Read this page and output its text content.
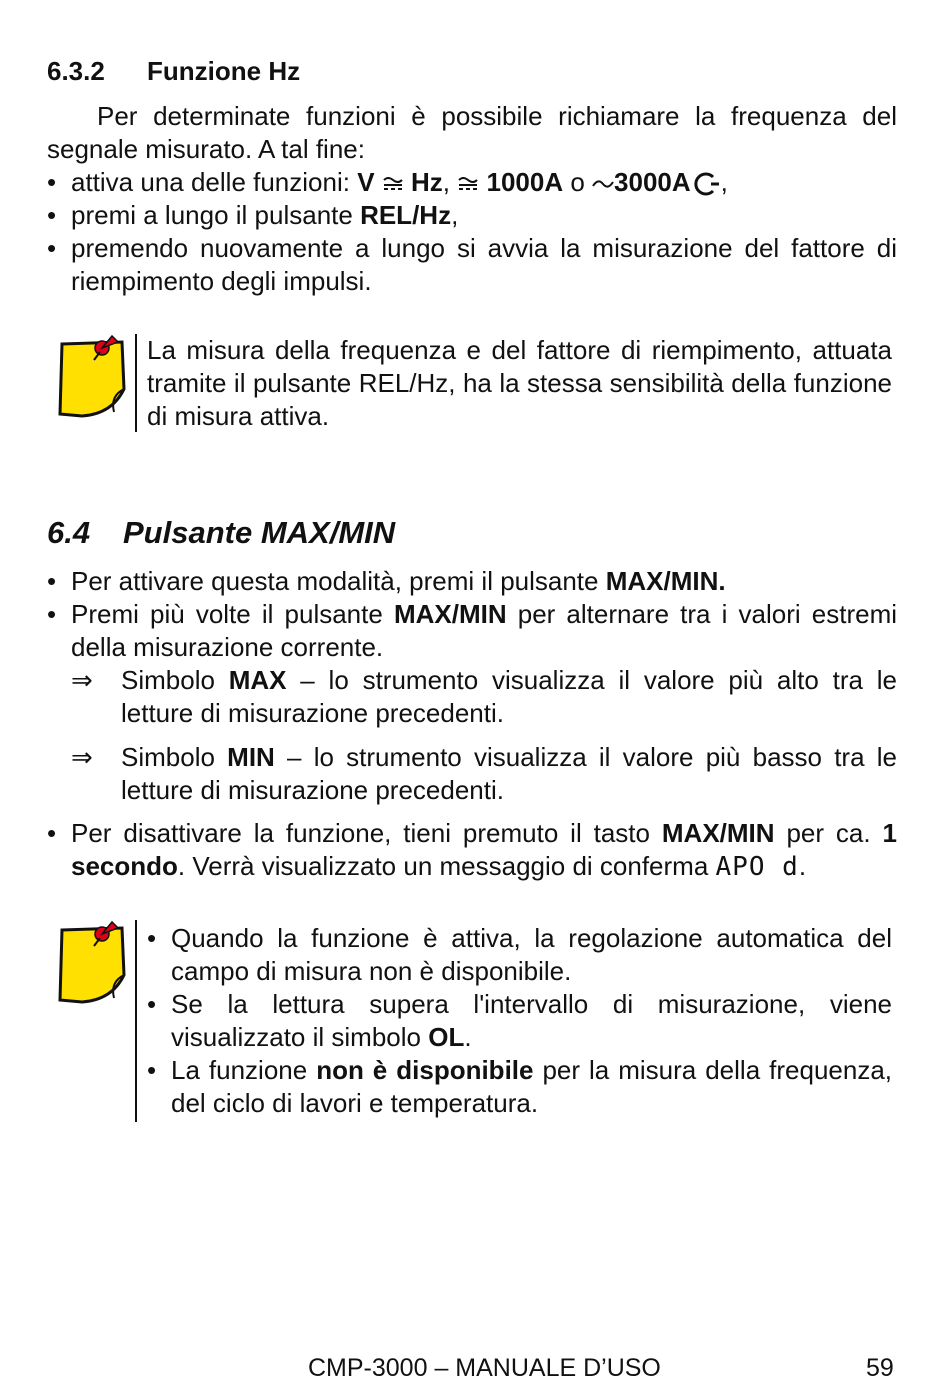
6.3.2 Funzione Hz
Per determinate funzioni è possibile richiamare la frequenza del segnale misurato. A tal fine:
• attiva una delle funzioni: V Hz,  1000A o 3000A ,
• premi a lungo il pulsante REL/Hz,
• premendo nuovamente a lungo si avvia la misurazione del fattore di riempimento degli impulsi.
La misura della frequenza e del fattore di riempimento, attuata tramite il pulsante REL/Hz, ha la stessa sensibilità della funzione di misura attiva.
6.4 Pulsante MAX/MIN
• Per attivare questa modalità, premi il pulsante MAX/MIN.
• Premi più volte il pulsante MAX/MIN per alternare tra i valori estremi della misurazione corrente.
⇒ Simbolo MAX – lo strumento visualizza il valore più alto tra le letture di misurazione precedenti.
⇒ Simbolo MIN – lo strumento visualizza il valore più basso tra le letture di misurazione precedenti.
• Per disattivare la funzione, tieni premuto il tasto MAX/MIN per ca. 1 secondo. Verrà visualizzato un messaggio di conferma APO d.
• Quando la funzione è attiva, la regolazione automatica del campo di misura non è disponibile.
• Se la lettura supera l'intervallo di misurazione, viene visualizzato il simbolo OL.
• La funzione non è disponibile per la misura della frequenza, del ciclo di lavori e temperatura.
CMP-3000 – MANUALE D’USO	59
